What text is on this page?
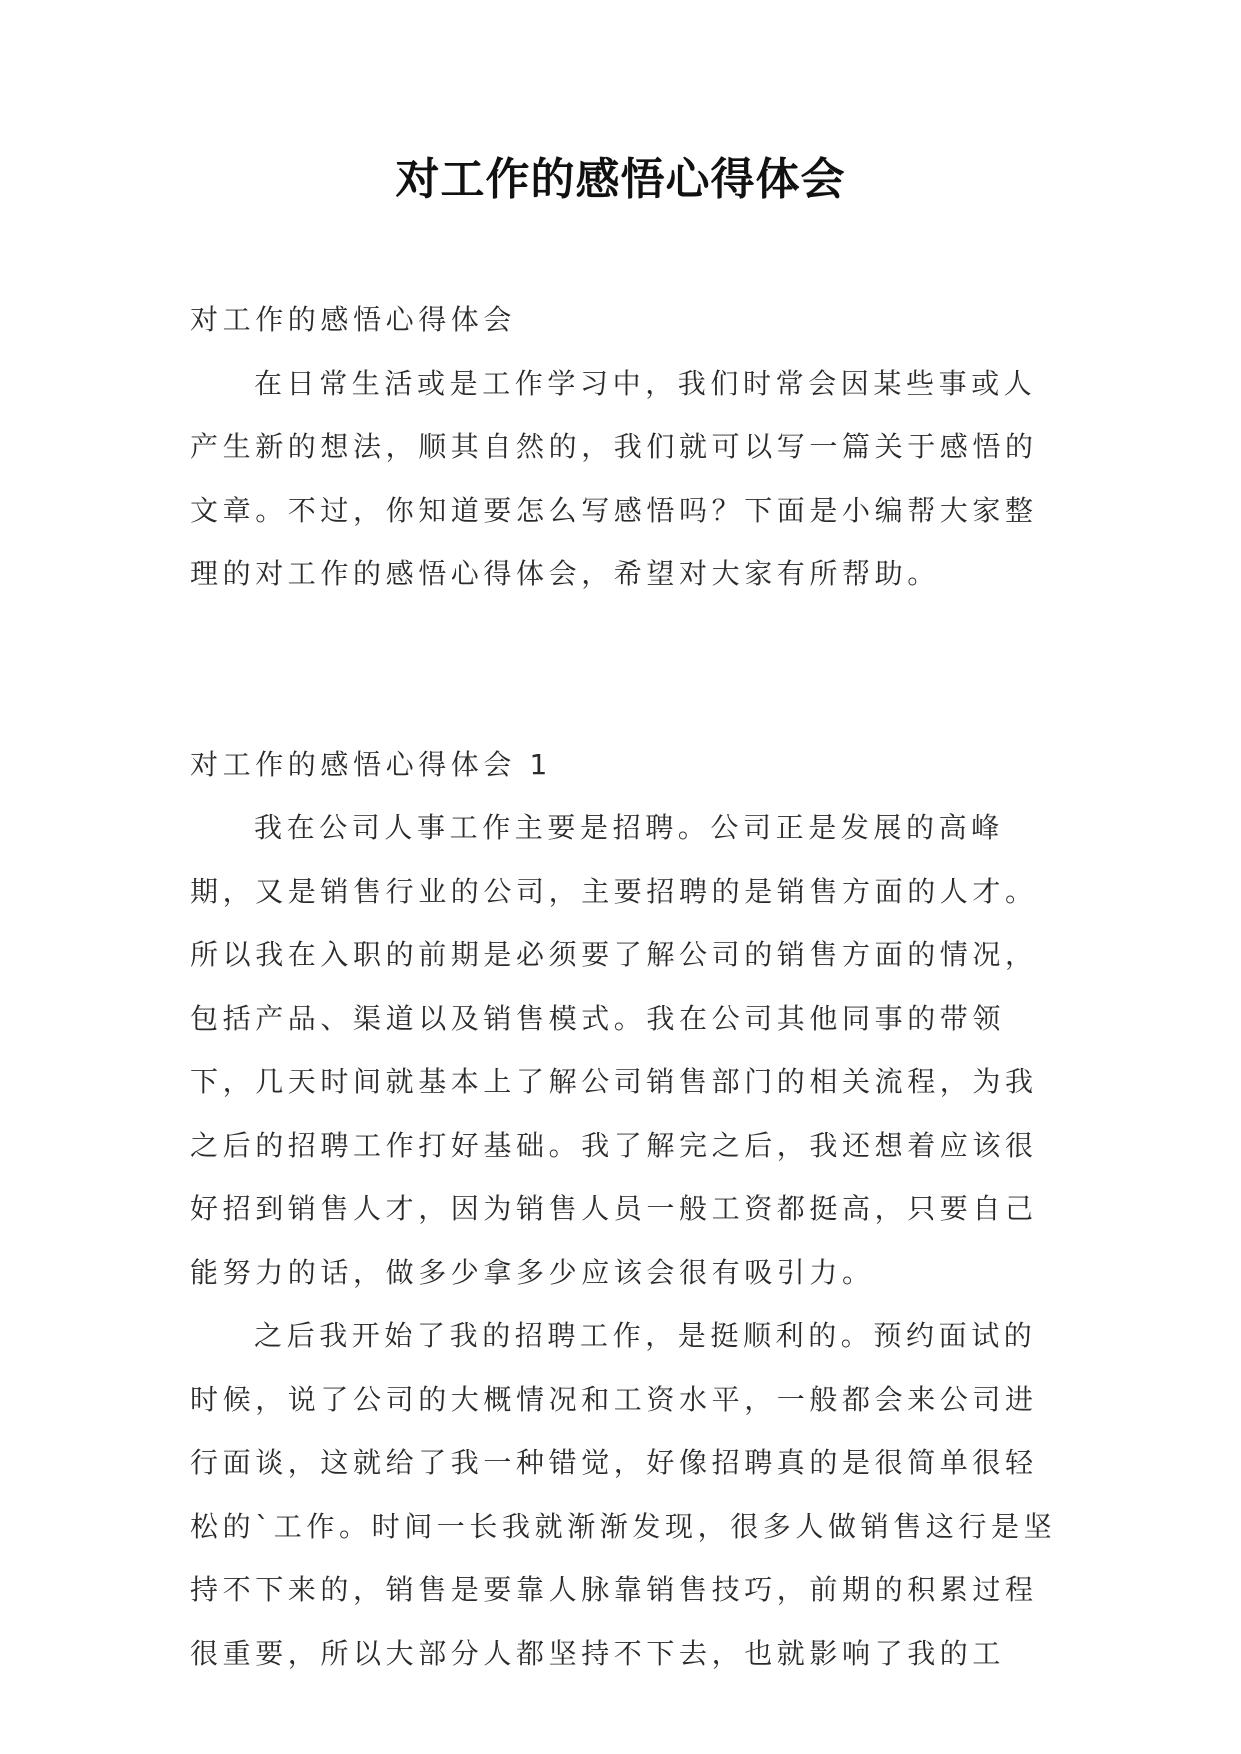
对工作的感悟心得体会

对工作的感悟心得体会

在日常生活或是工作学习中，我们时常会因某些事或人产生新的想法，顺其自然的，我们就可以写一篇关于感悟的文章。不过，你知道要怎么写感悟吗？下面是小编帮大家整理的对工作的感悟心得体会，希望对大家有所帮助。

对工作的感悟心得体会 1

我在公司人事工作主要是招聘。公司正是发展的高峰期，又是销售行业的公司，主要招聘的是销售方面的人才。所以我在入职的前期是必须要了解公司的销售方面的情况，包括产品、渠道以及销售模式。我在公司其他同事的带领下，几天时间就基本上了解公司销售部门的相关流程，为我之后的招聘工作打好基础。我了解完之后，我还想着应该很好招到销售人才，因为销售人员一般工资都挺高，只要自己能努力的话，做多少拿多少应该会很有吸引力。

之后我开始了我的招聘工作，是挺顺利的。预约面试的时候，说了公司的大概情况和工资水平，一般都会来公司进行面谈，这就给了我一种错觉，好像招聘真的是很简单很轻松的`工作。时间一长我就渐渐发现，很多人做销售这行是坚持不下来的，销售是要靠人脉靠销售技巧，前期的积累过程很重要，所以大部分人都坚持不下去，也就影响了我的工
